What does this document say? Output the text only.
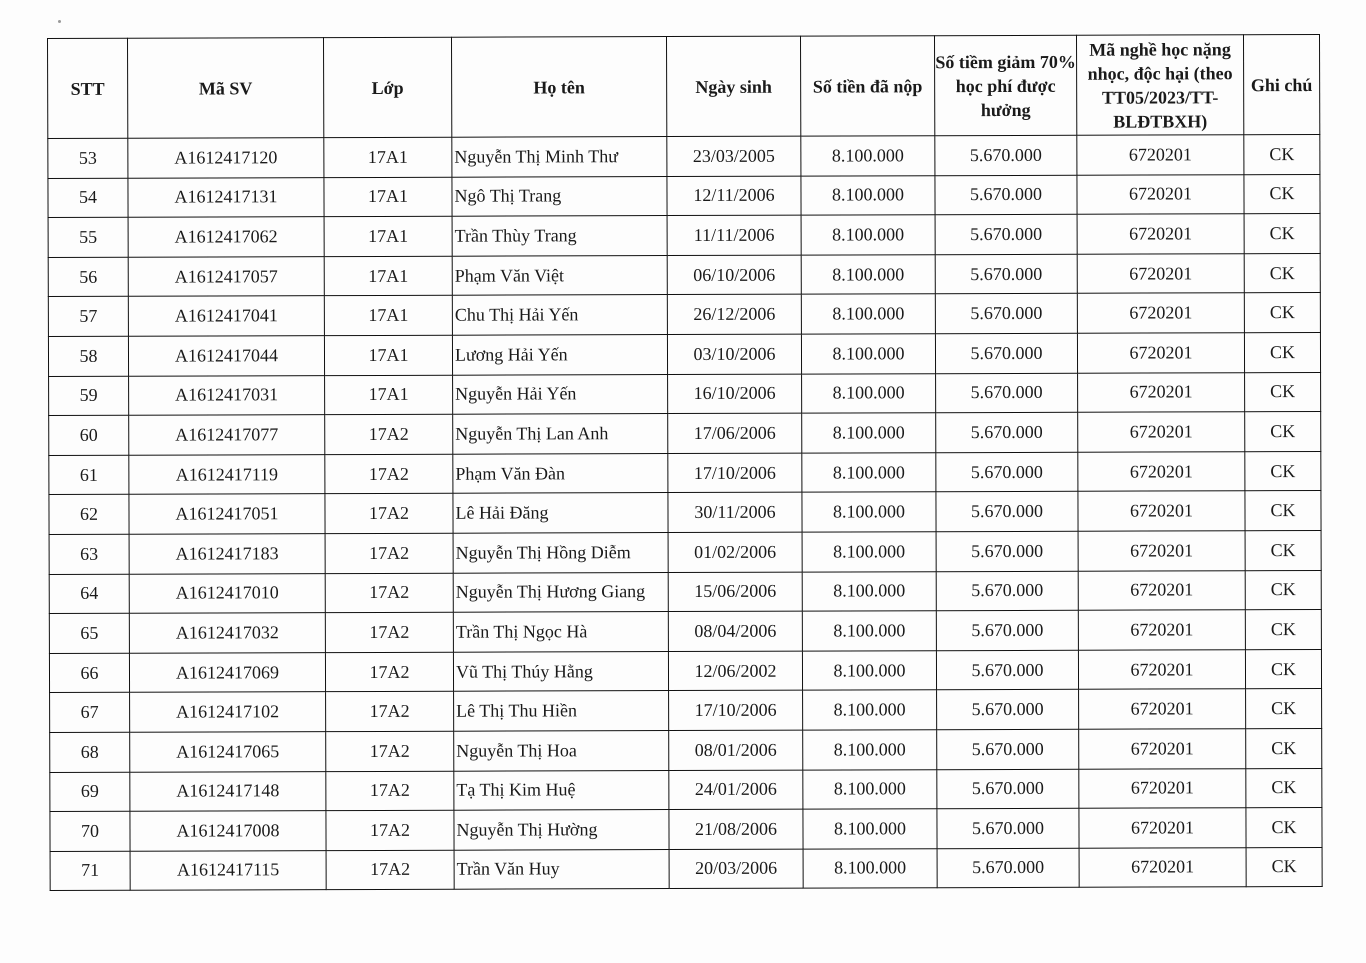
STT	Mã SV	Lớp	Họ tên	Ngày sinh	Số tiền đã nộp	Số tiềm giảm 70% học phí được hưởng	Mã nghề học nặng nhọc, độc hại (theo TT05/2023/TT-BLĐTBXH)	Ghi chú
53	A1612417120	17A1	Nguyễn Thị Minh Thư	23/03/2005	8.100.000	5.670.000	6720201	CK
54	A1612417131	17A1	Ngô Thị Trang	12/11/2006	8.100.000	5.670.000	6720201	CK
55	A1612417062	17A1	Trần Thùy Trang	11/11/2006	8.100.000	5.670.000	6720201	CK
56	A1612417057	17A1	Phạm Văn Việt	06/10/2006	8.100.000	5.670.000	6720201	CK
57	A1612417041	17A1	Chu Thị Hải Yến	26/12/2006	8.100.000	5.670.000	6720201	CK
58	A1612417044	17A1	Lương Hải Yến	03/10/2006	8.100.000	5.670.000	6720201	CK
59	A1612417031	17A1	Nguyễn Hải Yến	16/10/2006	8.100.000	5.670.000	6720201	CK
60	A1612417077	17A2	Nguyễn Thị Lan Anh	17/06/2006	8.100.000	5.670.000	6720201	CK
61	A1612417119	17A2	Phạm Văn Đàn	17/10/2006	8.100.000	5.670.000	6720201	CK
62	A1612417051	17A2	Lê Hải Đăng	30/11/2006	8.100.000	5.670.000	6720201	CK
63	A1612417183	17A2	Nguyễn Thị Hồng Diễm	01/02/2006	8.100.000	5.670.000	6720201	CK
64	A1612417010	17A2	Nguyễn Thị Hương Giang	15/06/2006	8.100.000	5.670.000	6720201	CK
65	A1612417032	17A2	Trần Thị Ngọc Hà	08/04/2006	8.100.000	5.670.000	6720201	CK
66	A1612417069	17A2	Vũ Thị Thúy Hằng	12/06/2002	8.100.000	5.670.000	6720201	CK
67	A1612417102	17A2	Lê Thị Thu Hiền	17/10/2006	8.100.000	5.670.000	6720201	CK
68	A1612417065	17A2	Nguyễn Thị Hoa	08/01/2006	8.100.000	5.670.000	6720201	CK
69	A1612417148	17A2	Tạ Thị Kim Huệ	24/01/2006	8.100.000	5.670.000	6720201	CK
70	A1612417008	17A2	Nguyễn Thị Hường	21/08/2006	8.100.000	5.670.000	6720201	CK
71	A1612417115	17A2	Trần Văn Huy	20/03/2006	8.100.000	5.670.000	6720201	CK
